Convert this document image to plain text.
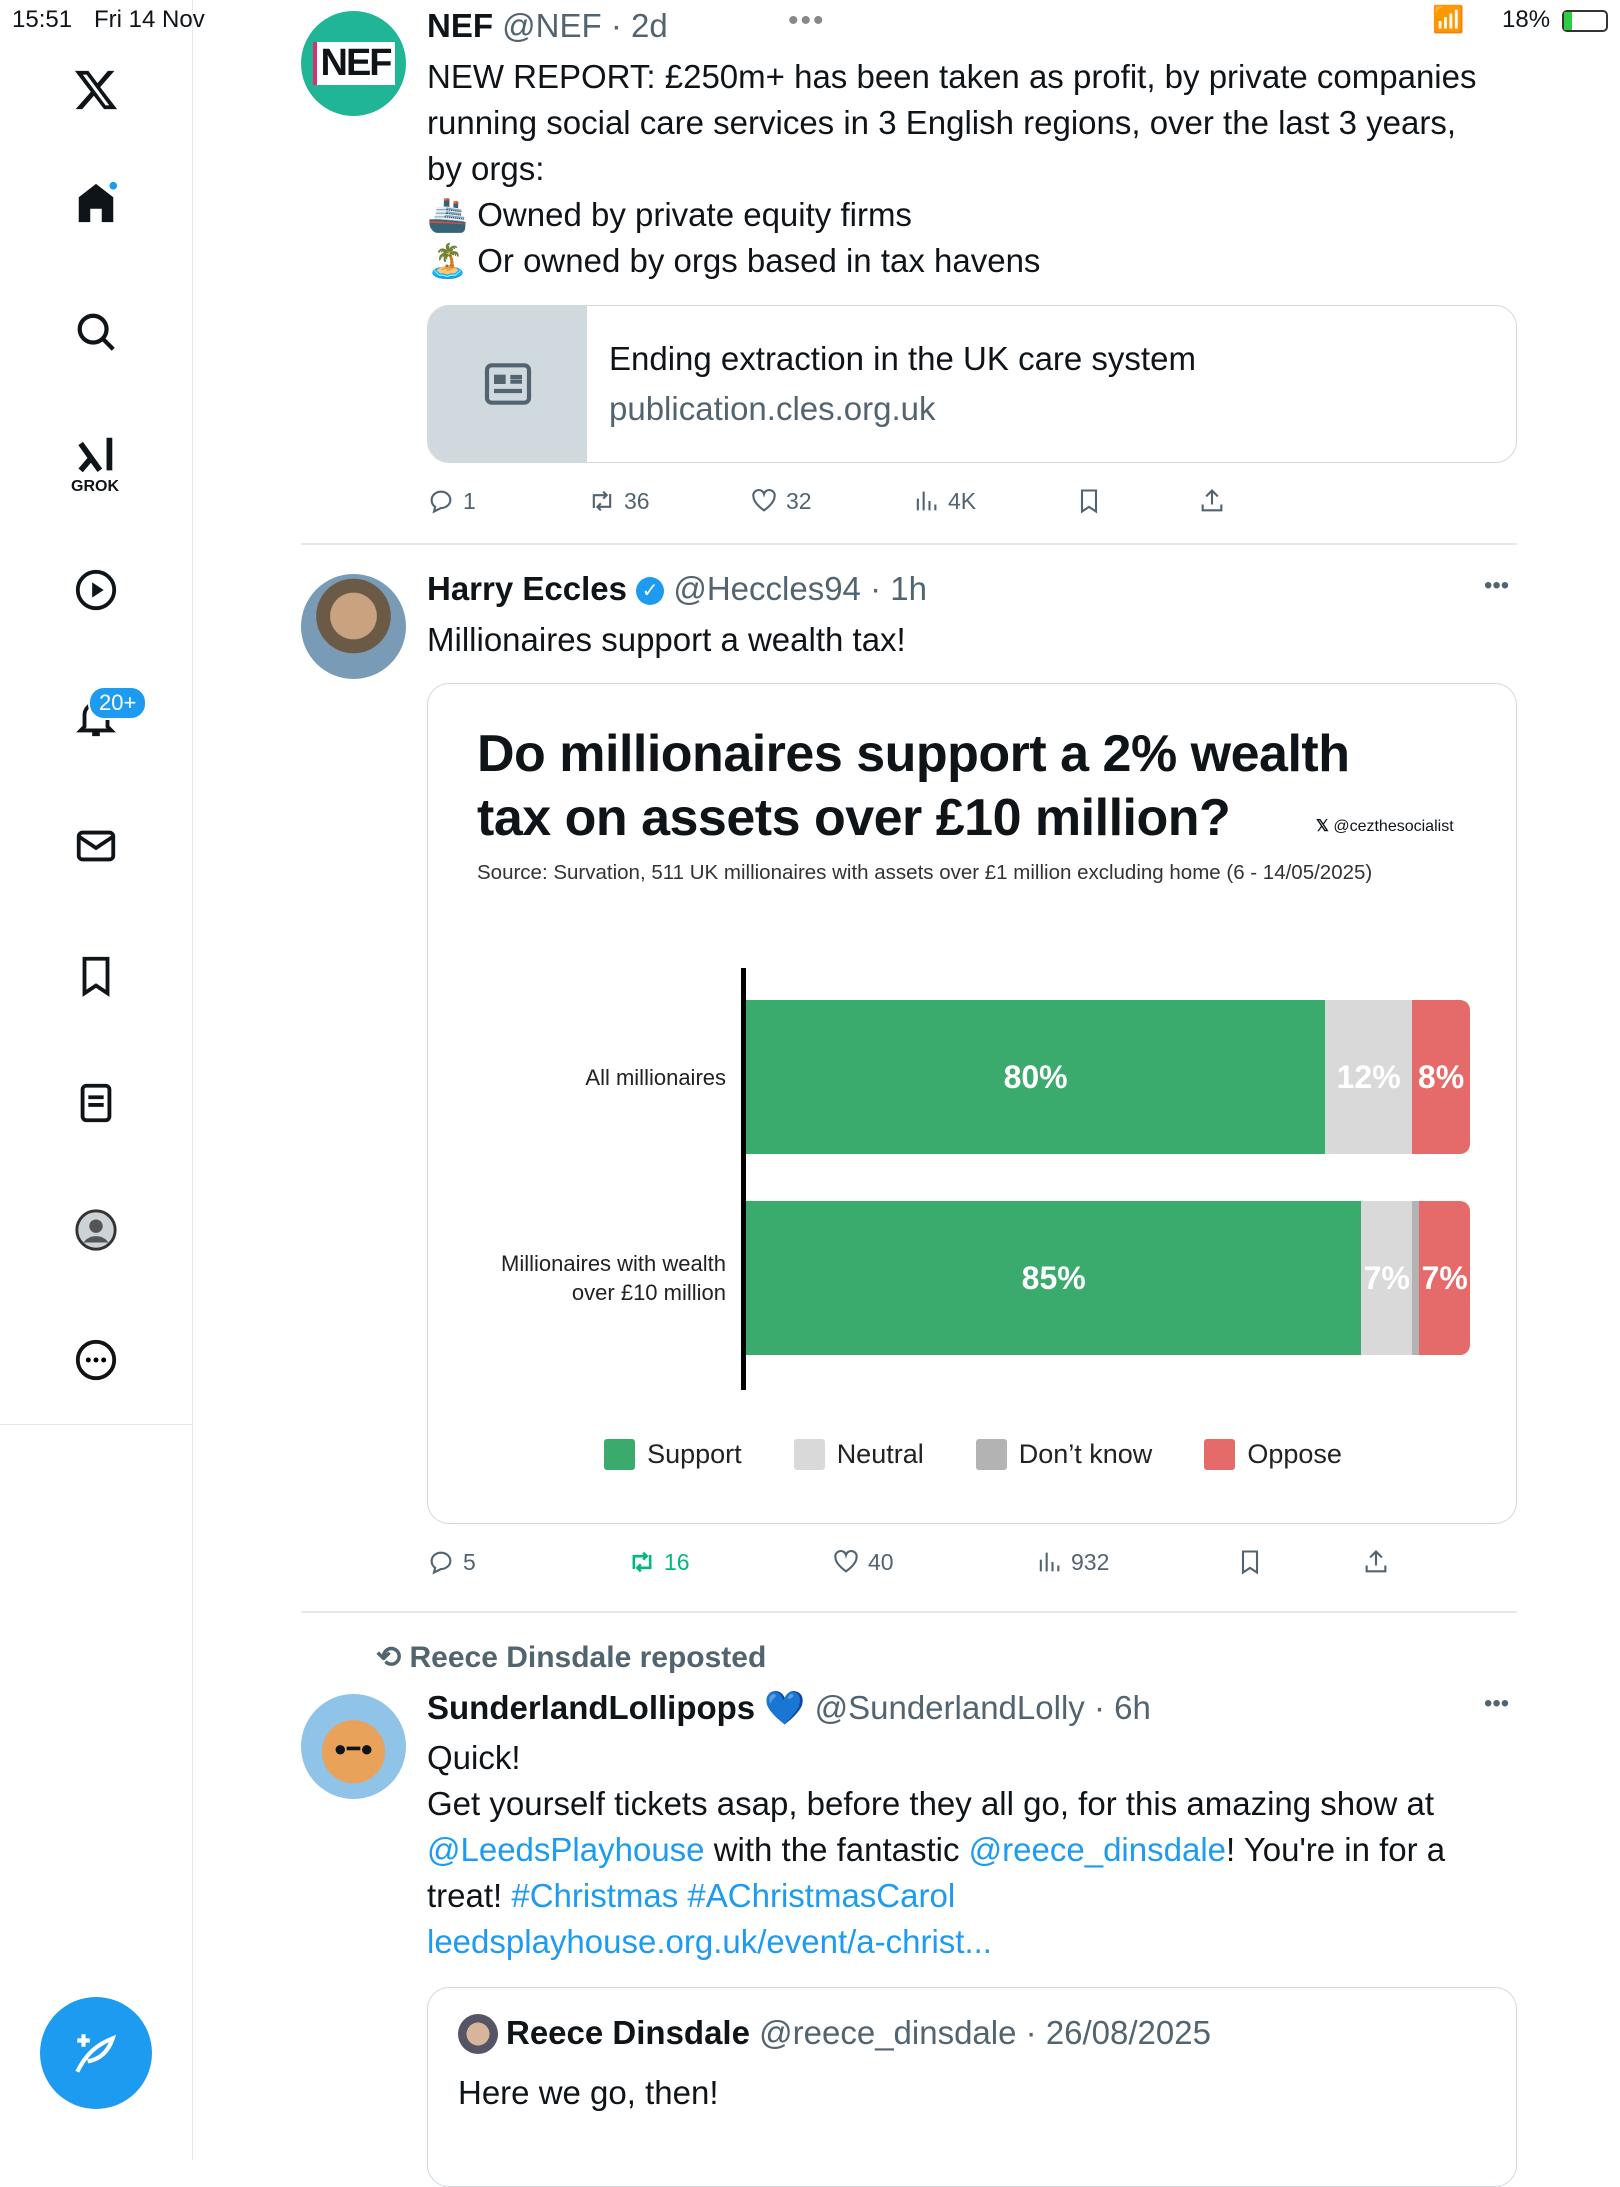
15:51 Fri 14 Nov	•••	📶 18%
GROK
20+
NEF
NEF @NEF · 2d
NEW REPORT: £250m+ has been taken as profit, by private companies
running social care services in 3 English regions, over the last 3 years,
by orgs:
🚢 Owned by private equity firms
🏝️ Or owned by orgs based in tax havens
Ending extraction in the UK care system
publication.cles.org.uk
1	36	32	4K
Harry Eccles ✓ @Heccles94 · 1h	•••
Millionaires support a wealth tax!
Do millionaires support a 2% wealth
tax on assets over £10 million?	𝕏 @cezthesocialist
Source: Survation, 511 UK millionaires with assets over £1 million excluding home (6 - 14/05/2025)
All millionaires
Millionaires with wealth
over £10 million
80%	12% 8%
85%	7% 7%
Support	Neutral	Don’t know	Oppose
5	16	40	932
⟲ Reece Dinsdale reposted
●━●
SunderlandLollipops 💙 @SunderlandLolly · 6h	•••
Quick!
Get yourself tickets asap, before they all go, for this amazing show at
@LeedsPlayhouse with the fantastic @reece_dinsdale! You're in for a
treat! #Christmas #AChristmasCarol
leedsplayhouse.org.uk/event/a-christ...
Reece Dinsdale @reece_dinsdale · 26/08/2025
Here we go, then!
